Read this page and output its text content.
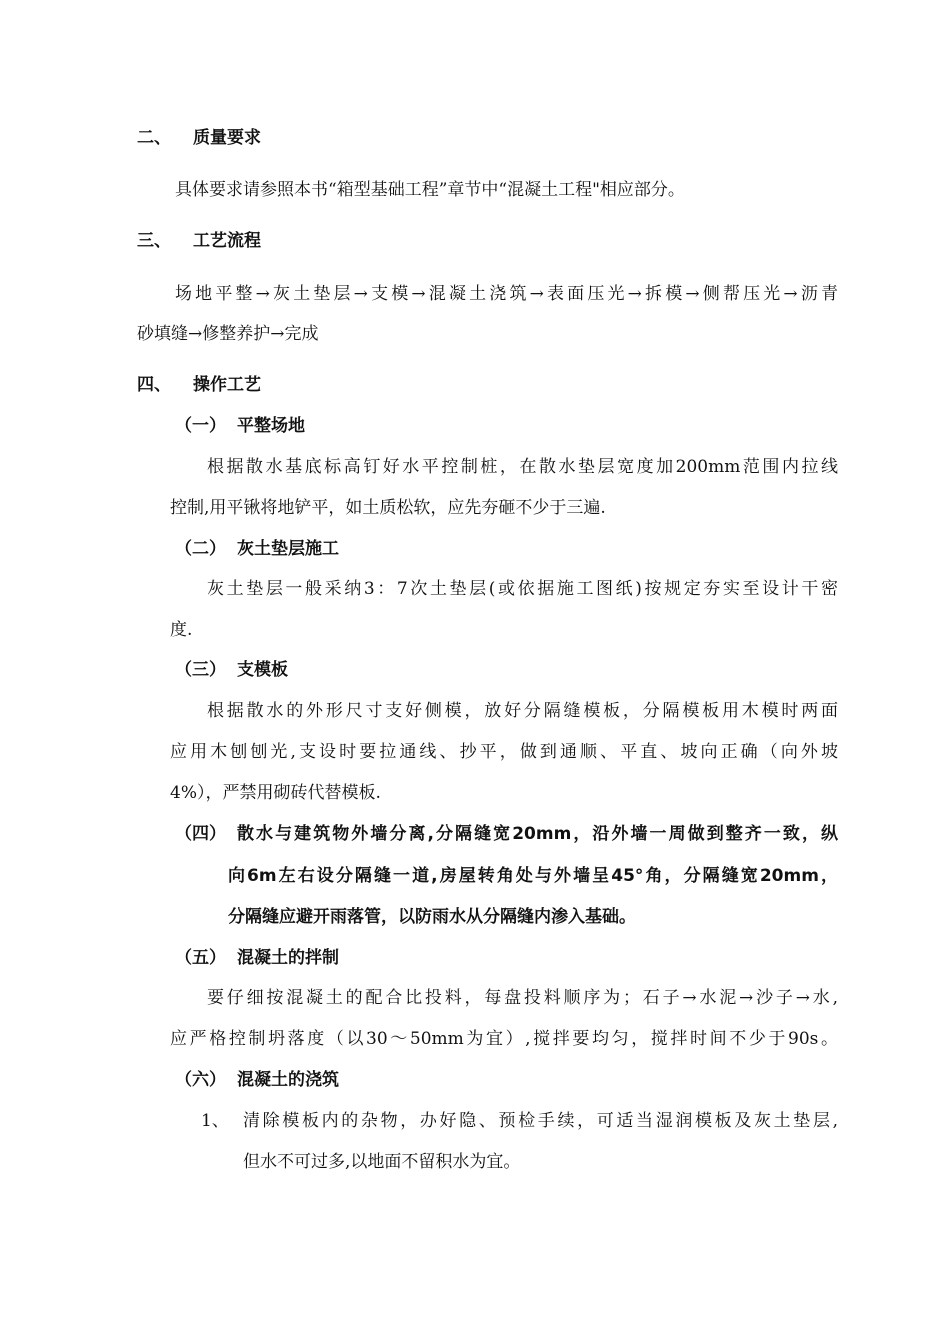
二、 质量要求
具体要求请参照本书“箱型基础工程”章节中“混凝土工程"相应部分。
三、 工艺流程
场地平整→灰土垫层→支模→混凝土浇筑→表面压光→拆模→侧帮压光→沥青
砂填缝→修整养护→完成
四、 操作工艺
（一） 平整场地
根据散水基底标高钉好水平控制桩，在散水垫层宽度加200mm范围内拉线
控制,用平锹将地铲平，如土质松软，应先夯砸不少于三遍.
（二） 灰土垫层施工
灰土垫层一般采纳3：7次土垫层(或依据施工图纸)按规定夯实至设计干密
度.
（三） 支模板
根据散水的外形尺寸支好侧模，放好分隔缝模板，分隔模板用木模时两面
应用木刨刨光,支设时要拉通线、抄平，做到通顺、平直、坡向正确（向外坡
4%），严禁用砌砖代替模板.
（四） 散水与建筑物外墙分离,分隔缝宽20mm，沿外墙一周做到整齐一致，纵
向6m左右设分隔缝一道,房屋转角处与外墙呈45°角，分隔缝宽20mm，
分隔缝应避开雨落管，以防雨水从分隔缝内渗入基础。
（五） 混凝土的拌制
要仔细按混凝土的配合比投料，每盘投料顺序为；石子→水泥→沙子→水,
应严格控制坍落度（以30～50mm为宜）,搅拌要均匀，搅拌时间不少于90s。
（六） 混凝土的浇筑
1、 清除模板内的杂物，办好隐、预检手续，可适当湿润模板及灰土垫层,
但水不可过多,以地面不留积水为宜。
